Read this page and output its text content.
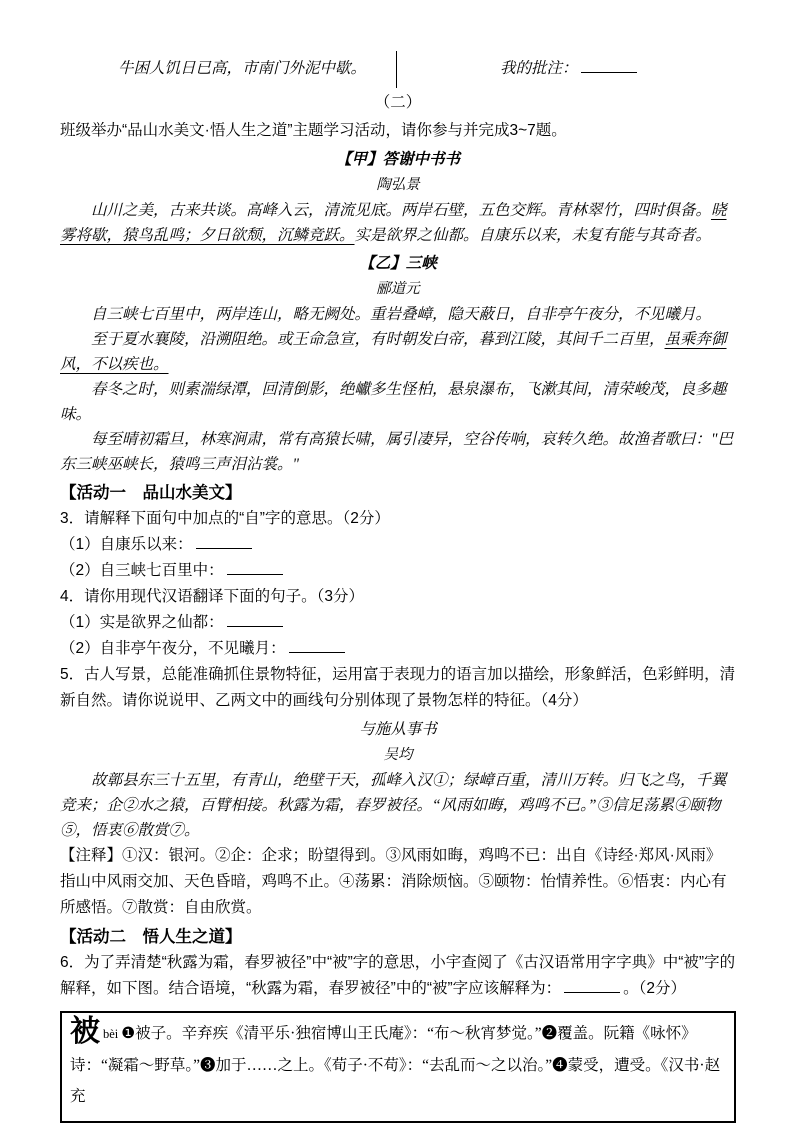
牛困人饥日已高，市南门外泥中歇。	我的批注：

（二）

班级举办“品山水美文·悟人生之道”主题学习活动，请你参与并完成3~7题。

【甲】答谢中书书

陶弘景

山川之美，古来共谈。高峰入云，清流见底。两岸石壁，五色交辉。青林翠竹，四时俱备。晓雾将歇，猿鸟乱鸣；夕日欲颓，沉鳞竞跃。实是欲界之仙都。自康乐以来，未复有能与其奇者。

【乙】三峡

郦道元

自三峡七百里中，两岸连山，略无阙处。重岩叠嶂，隐天蔽日，自非亭午夜分，不见曦月。

至于夏水襄陵，沿溯阻绝。或王命急宣，有时朝发白帝，暮到江陵，其间千二百里，虽乘奔御风，不以疾也。

春冬之时，则素湍绿潭，回清倒影，绝巘多生怪柏，悬泉瀑布，飞漱其间，清荣峻茂，良多趣味。

每至晴初霜旦，林寒涧肃，常有高猿长啸，属引凄异，空谷传响，哀转久绝。故渔者歌曰："巴东三峡巫峡长，猿鸣三声泪沾裳。"

【活动一　品山水美文】

3．请解释下面句中加点的“自”字的意思。（2分）

（1）自康乐以来：

（2）自三峡七百里中：

4．请你用现代汉语翻译下面的句子。（3分）

（1）实是欲界之仙都：

（2）自非亭午夜分，不见曦月：

5．古人写景，总能准确抓住景物特征，运用富于表现力的语言加以描绘，形象鲜活，色彩鲜明，清新自然。请你说说甲、乙两文中的画线句分别体现了景物怎样的特征。（4分）

与施从事书

吴均

故鄣县东三十五里，有青山，绝壁干天，孤峰入汉①；绿嶂百重，清川万转。归飞之鸟，千翼竞来；企②水之猿，百臂相接。秋露为霜，春罗被径。“风雨如晦，鸡鸣不已。”③信足荡累④颐物⑤，悟衷⑥散赏⑦。

【注释】①汉：银河。②企：企求；盼望得到。③风雨如晦，鸡鸣不已：出自《诗经·郑风·风雨》 指山中风雨交加、天色昏暗，鸡鸣不止。④荡累：消除烦恼。⑤颐物：怡情养性。⑥悟衷：内心有所感悟。⑦散赏：自由欣赏。

【活动二　悟人生之道】

6．为了弄清楚“秋露为霜，春罗被径”中“被”字的意思，小宇查阅了《古汉语常用字字典》中“被”字的解释，如下图。结合语境，“秋露为霜，春罗被径”中的“被”字应该解释为：	。（2分）

被bèi ❶被子。辛弃疾《清平乐·独宿博山王氏庵》：“布～秋宵梦觉。”❷覆盖。阮籍《咏怀》诗：“凝霜～野草。”❸加于……之上。《荀子·不苟》：“去乱而～之以治。”❹蒙受，遭受。《汉书·赵充
